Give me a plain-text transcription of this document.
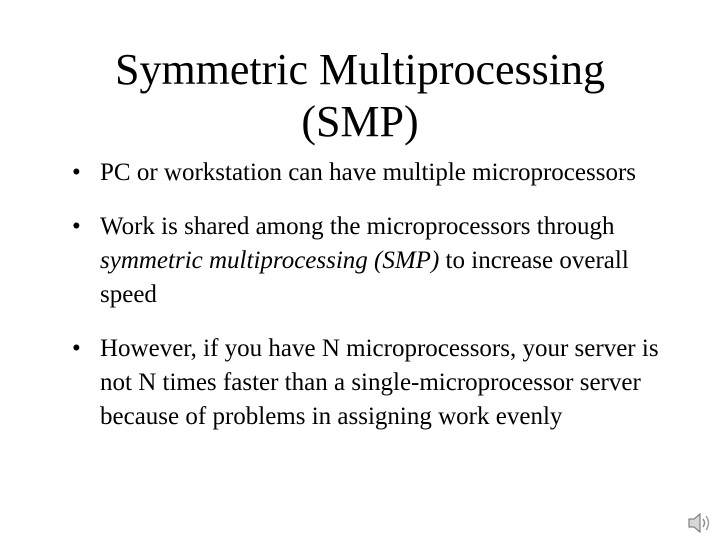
Symmetric Multiprocessing
(SMP)
• PC or workstation can have multiple microprocessors
• Work is shared among the microprocessors through symmetric multiprocessing (SMP) to increase overall speed
• However, if you have N microprocessors, your server is not N times faster than a single-microprocessor server because of problems in assigning work evenly
